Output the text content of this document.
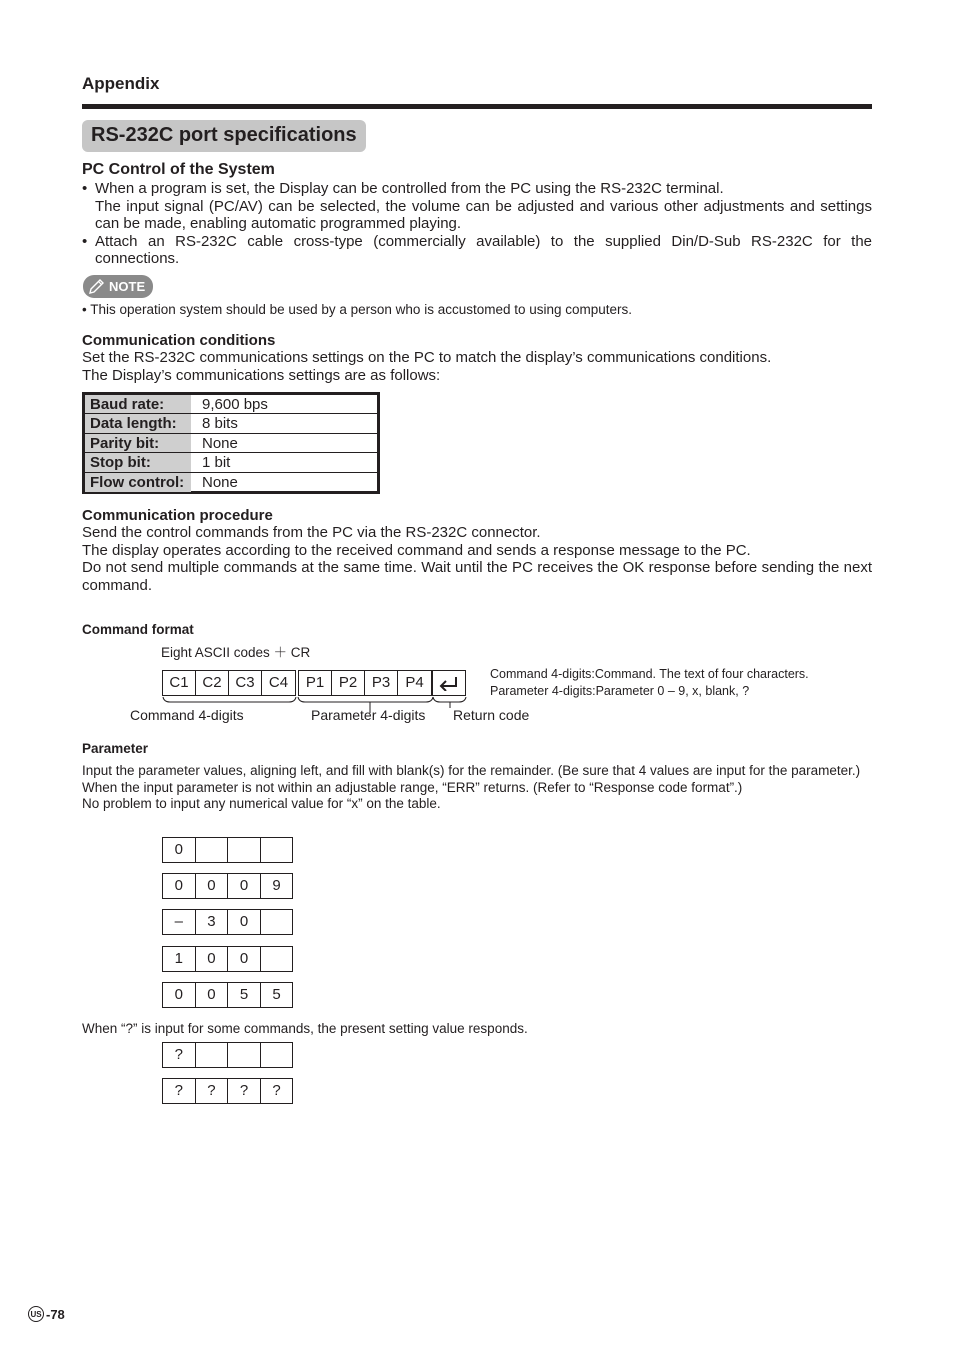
Appendix
RS-232C port specifications
PC Control of the System
• When a program is set, the Display can be controlled from the PC using the RS-232C terminal.
The input signal (PC/AV) can be selected, the volume can be adjusted and various other adjustments and settings can be made, enabling automatic programmed playing.
• Attach an RS-232C cable cross-type (commercially available) to the supplied Din/D-Sub RS-232C for the connections.
NOTE
• This operation system should be used by a person who is accustomed to using computers.
Communication conditions
Set the RS-232C communications settings on the PC to match the display’s communications conditions.
The Display’s communications settings are as follows:
Baud rate:	9,600 bps
Data length:	8 bits
Parity bit:	None
Stop bit:	1 bit
Flow control:	None
Communication procedure
Send the control commands from the PC via the RS-232C connector.
The display operates according to the received command and sends a response message to the PC.
Do not send multiple commands at the same time. Wait until the PC receives the OK response before sending the next command.
Command format
Eight ASCII codes ＋ CR
C1 C2 C3 C4	P1 P2 P3	P4
Command 4-digits	Parameter 4-digits Return code
Command 4-digits:Command. The text of four characters.
Parameter 4-digits:Parameter 0 – 9, x, blank, ?
Parameter
Input the parameter values, aligning left, and fill with blank(s) for the remainder. (Be sure that 4 values are input for the parameter.)
When the input parameter is not within an adjustable range, “ERR” returns. (Refer to “Response code format”.)
No problem to input any numerical value for “x” on the table.
0
0	0	0	9
–	3	0
1	0	0
0	0	5	5
When “?” is input for some commands, the present setting value responds.
?
?	?	?	?
US -78
